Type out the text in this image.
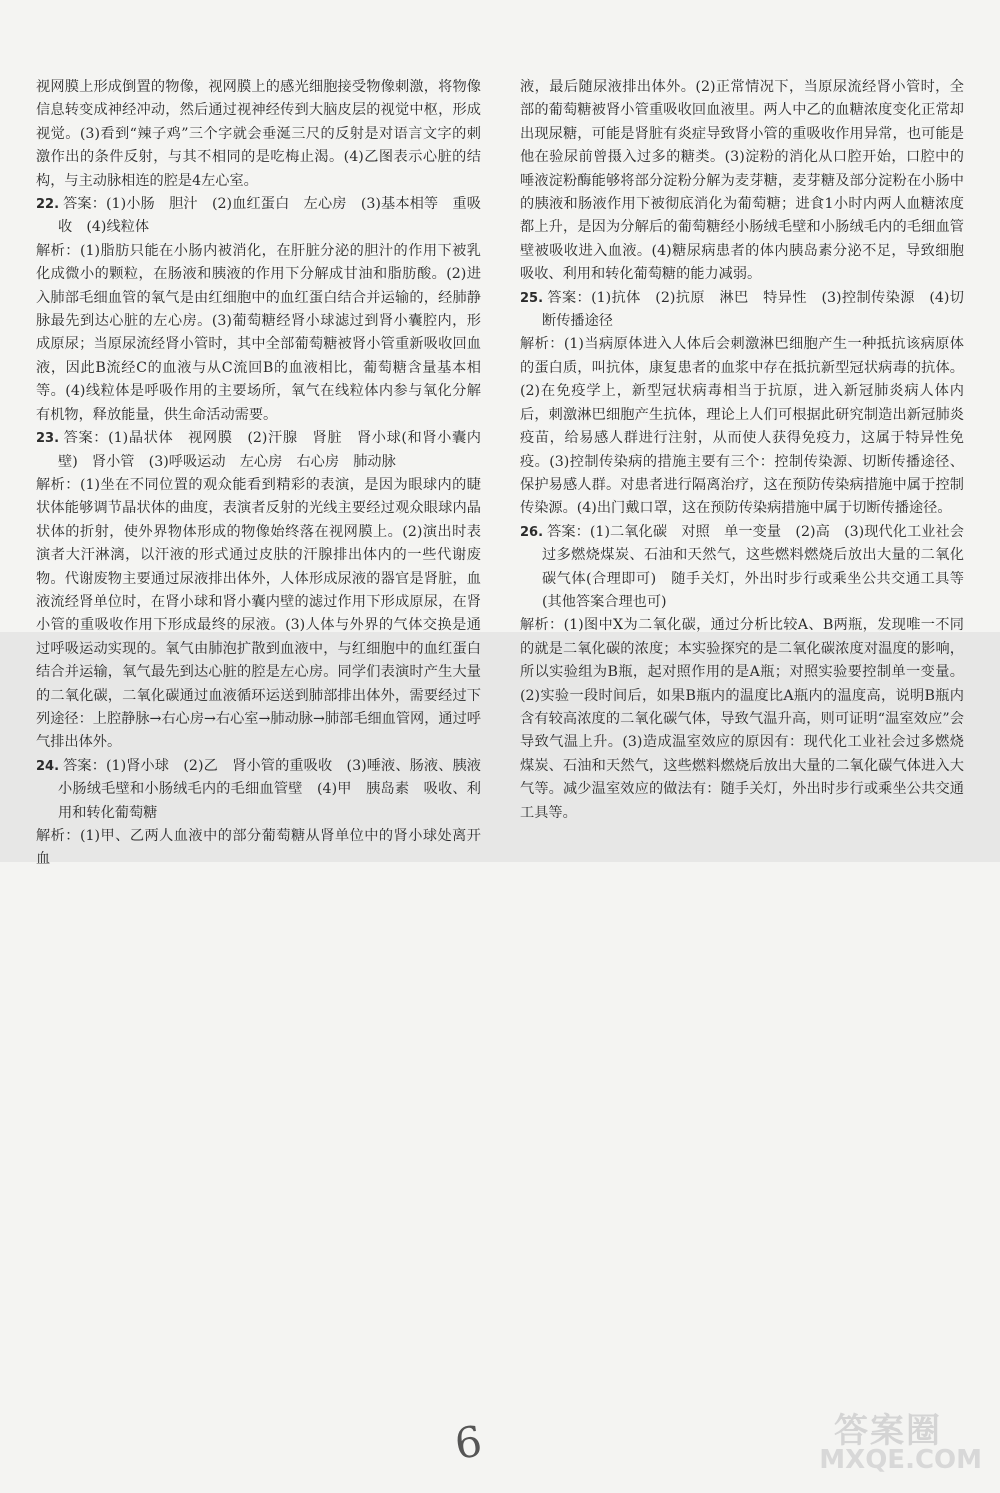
视网膜上形成倒置的物像，视网膜上的感光细胞接受物像刺激，将物像信息转变成神经冲动，然后通过视神经传到大脑皮层的视觉中枢，形成视觉。(3)看到“辣子鸡”三个字就会垂涎三尺的反射是对语言文字的刺激作出的条件反射，与其不相同的是吃梅止渴。(4)乙图表示心脏的结构，与主动脉相连的腔是4左心室。

22. 答案：(1)小肠　胆汁　(2)血红蛋白　左心房　(3)基本相等　重吸收　(4)线粒体
解析：(1)脂肪只能在小肠内被消化，在肝脏分泌的胆汁的作用下被乳化成微小的颗粒，在肠液和胰液的作用下分解成甘油和脂肪酸。(2)进入肺部毛细血管的氧气是由红细胞中的血红蛋白结合并运输的，经肺静脉最先到达心脏的左心房。(3)葡萄糖经肾小球滤过到肾小囊腔内，形成原尿；当原尿流经肾小管时，其中全部葡萄糖被肾小管重新吸收回血液，因此B流经C的血液与从C流回B的血液相比，葡萄糖含量基本相等。(4)线粒体是呼吸作用的主要场所，氧气在线粒体内参与氧化分解有机物，释放能量，供生命活动需要。
23. 答案：(1)晶状体　视网膜　(2)汗腺　肾脏　肾小球(和肾小囊内壁)　肾小管　(3)呼吸运动　左心房　右心房　肺动脉
解析：(1)坐在不同位置的观众能看到精彩的表演，是因为眼球内的睫状体能够调节晶状体的曲度，表演者反射的光线主要经过观众眼球内晶状体的折射，使外界物体形成的物像始终落在视网膜上。(2)演出时表演者大汗淋漓，以汗液的形式通过皮肤的汗腺排出体内的一些代谢废物。代谢废物主要通过尿液排出体外，人体形成尿液的器官是肾脏，血液流经肾单位时，在肾小球和肾小囊内壁的滤过作用下形成原尿，在肾小管的重吸收作用下形成最终的尿液。(3)人体与外界的气体交换是通过呼吸运动实现的。氧气由肺泡扩散到血液中，与红细胞中的血红蛋白结合并运输，氧气最先到达心脏的腔是左心房。同学们表演时产生大量的二氧化碳，二氧化碳通过血液循环运送到肺部排出体外，需要经过下列途径：上腔静脉→右心房→右心室→肺动脉→肺部毛细血管网，通过呼气排出体外。
24. 答案：(1)肾小球　(2)乙　肾小管的重吸收　(3)唾液、肠液、胰液　小肠绒毛壁和小肠绒毛内的毛细血管壁　(4)甲　胰岛素　吸收、利用和转化葡萄糖
解析：(1)甲、乙两人血液中的部分葡萄糖从肾单位中的肾小球处离开血

液，最后随尿液排出体外。(2)正常情况下，当原尿流经肾小管时，全部的葡萄糖被肾小管重吸收回血液里。两人中乙的血糖浓度变化正常却出现尿糖，可能是肾脏有炎症导致肾小管的重吸收作用异常，也可能是他在验尿前曾摄入过多的糖类。(3)淀粉的消化从口腔开始，口腔中的唾液淀粉酶能够将部分淀粉分解为麦芽糖，麦芽糖及部分淀粉在小肠中的胰液和肠液作用下被彻底消化为葡萄糖；进食1小时内两人血糖浓度都上升，是因为分解后的葡萄糖经小肠绒毛壁和小肠绒毛内的毛细血管壁被吸收进入血液。(4)糖尿病患者的体内胰岛素分泌不足，导致细胞吸收、利用和转化葡萄糖的能力减弱。

25. 答案：(1)抗体　(2)抗原　淋巴　特异性　(3)控制传染源　(4)切断传播途径
解析：(1)当病原体进入人体后会刺激淋巴细胞产生一种抵抗该病原体的蛋白质，叫抗体，康复患者的血浆中存在抵抗新型冠状病毒的抗体。(2)在免疫学上，新型冠状病毒相当于抗原，进入新冠肺炎病人体内后，刺激淋巴细胞产生抗体，理论上人们可根据此研究制造出新冠肺炎疫苗，给易感人群进行注射，从而使人获得免疫力，这属于特异性免疫。(3)控制传染病的措施主要有三个：控制传染源、切断传播途径、保护易感人群。对患者进行隔离治疗，这在预防传染病措施中属于控制传染源。(4)出门戴口罩，这在预防传染病措施中属于切断传播途径。
26. 答案：(1)二氧化碳　对照　单一变量　(2)高　(3)现代化工业社会过多燃烧煤炭、石油和天然气，这些燃料燃烧后放出大量的二氧化碳气体(合理即可)　随手关灯，外出时步行或乘坐公共交通工具等(其他答案合理也可)
解析：(1)图中X为二氧化碳，通过分析比较A、B两瓶，发现唯一不同的就是二氧化碳的浓度；本实验探究的是二氧化碳浓度对温度的影响，所以实验组为B瓶，起对照作用的是A瓶；对照实验要控制单一变量。(2)实验一段时间后，如果B瓶内的温度比A瓶内的温度高，说明B瓶内含有较高浓度的二氧化碳气体，导致气温升高，则可证明“温室效应”会导致气温上升。(3)造成温室效应的原因有：现代化工业社会过多燃烧煤炭、石油和天然气，这些燃料燃烧后放出大量的二氧化碳气体进入大气等。减少温室效应的做法有：随手关灯，外出时步行或乘坐公共交通工具等。
6	答案圈
MXQE.COM
